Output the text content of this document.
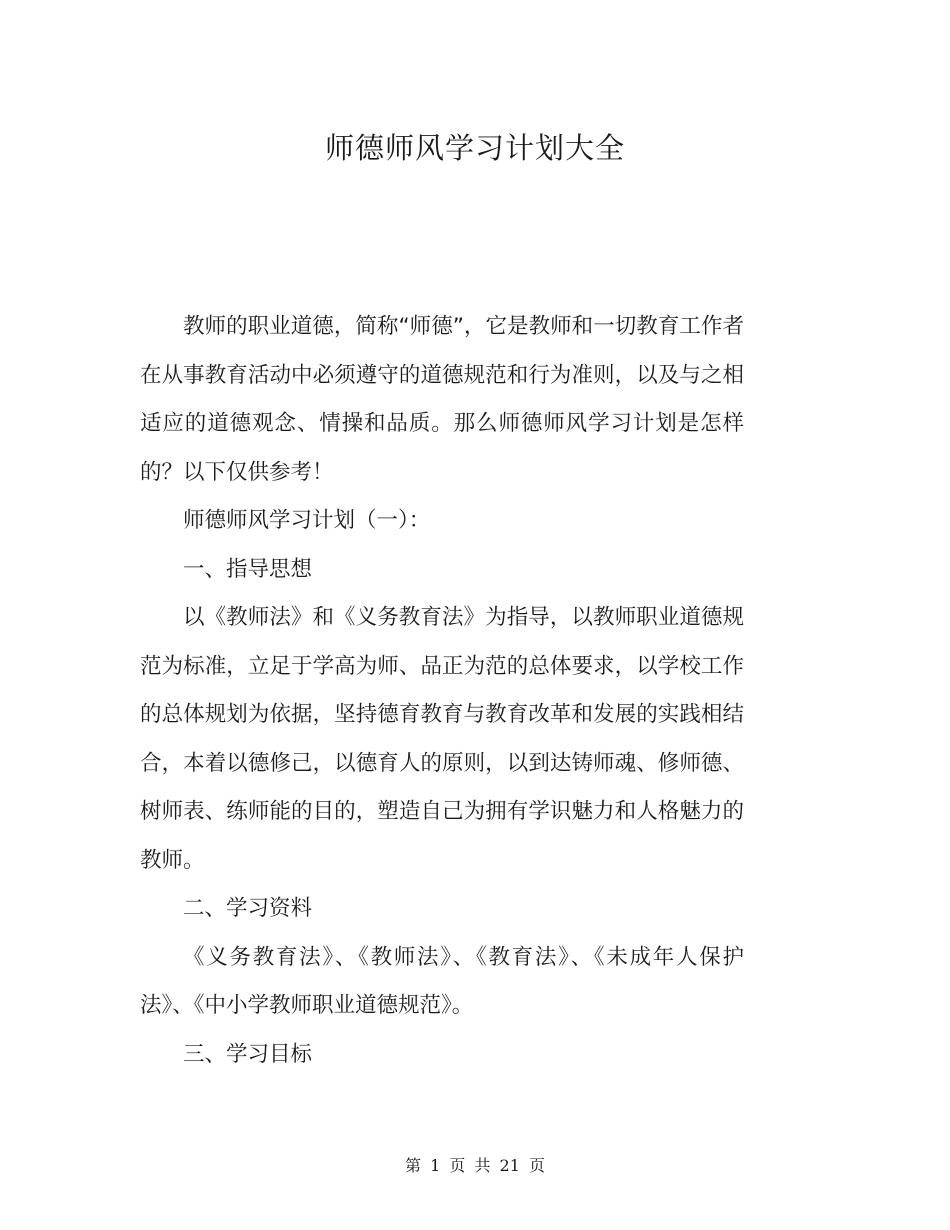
师德师风学习计划大全

教师的职业道德，简称“师德”，它是教师和一切教育工作者在从事教育活动中必须遵守的道德规范和行为准则，以及与之相适应的道德观念、情操和品质。那么师德师风学习计划是怎样的？以下仅供参考！

师德师风学习计划（一）：

一、指导思想

以《教师法》和《义务教育法》为指导，以教师职业道德规范为标准，立足于学高为师、品正为范的总体要求，以学校工作的总体规划为依据，坚持德育教育与教育改革和发展的实践相结合，本着以德修己，以德育人的原则，以到达铸师魂、修师德、树师表、练师能的目的，塑造自己为拥有学识魅力和人格魅力的教师。

二、学习资料

《义务教育法》、《教师法》、《教育法》、《未成年人保护法》、《中小学教师职业道德规范》。

三、学习目标

第 1 页 共 21 页
